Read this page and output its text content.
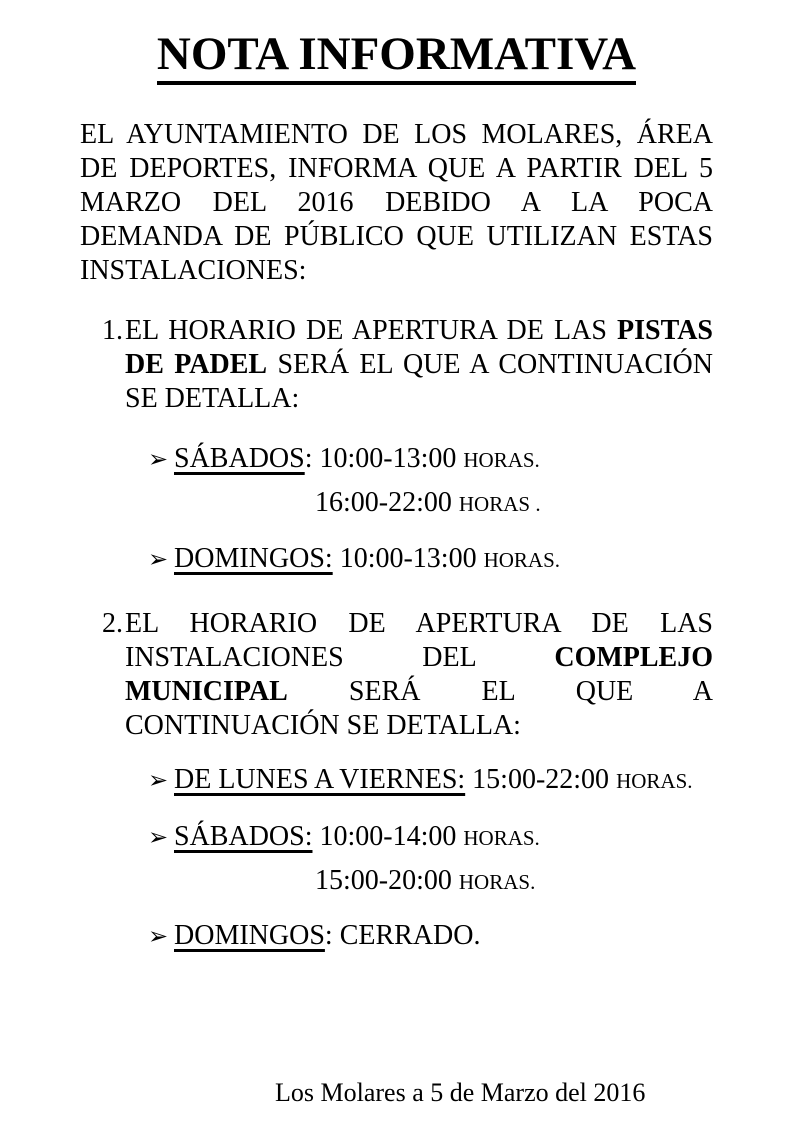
NOTA INFORMATIVA

EL AYUNTAMIENTO DE LOS MOLARES, ÁREA DE DEPORTES, INFORMA QUE A PARTIR DEL 5 MARZO DEL 2016 DEBIDO A LA POCA DEMANDA DE PÚBLICO QUE UTILIZAN ESTAS INSTALACIONES:

1. EL HORARIO DE APERTURA DE LAS PISTAS DE PADEL SERÁ EL QUE A CONTINUACIÓN SE DETALLA:
➢ SÁBADOS: 10:00-13:00 HORAS.
16:00-22:00 HORAS .
➢ DOMINGOS: 10:00-13:00 HORAS.
2. EL HORARIO DE APERTURA DE LAS INSTALACIONES DEL	COMPLEJO MUNICIPAL SERÁ EL QUE A CONTINUACIÓN SE DETALLA:
➢ DE LUNES A VIERNES: 15:00-22:00 HORAS.
➢ SÁBADOS: 10:00-14:00 HORAS.
15:00-20:00 HORAS.
➢ DOMINGOS: CERRADO.
Los Molares a 5 de Marzo del 2016
